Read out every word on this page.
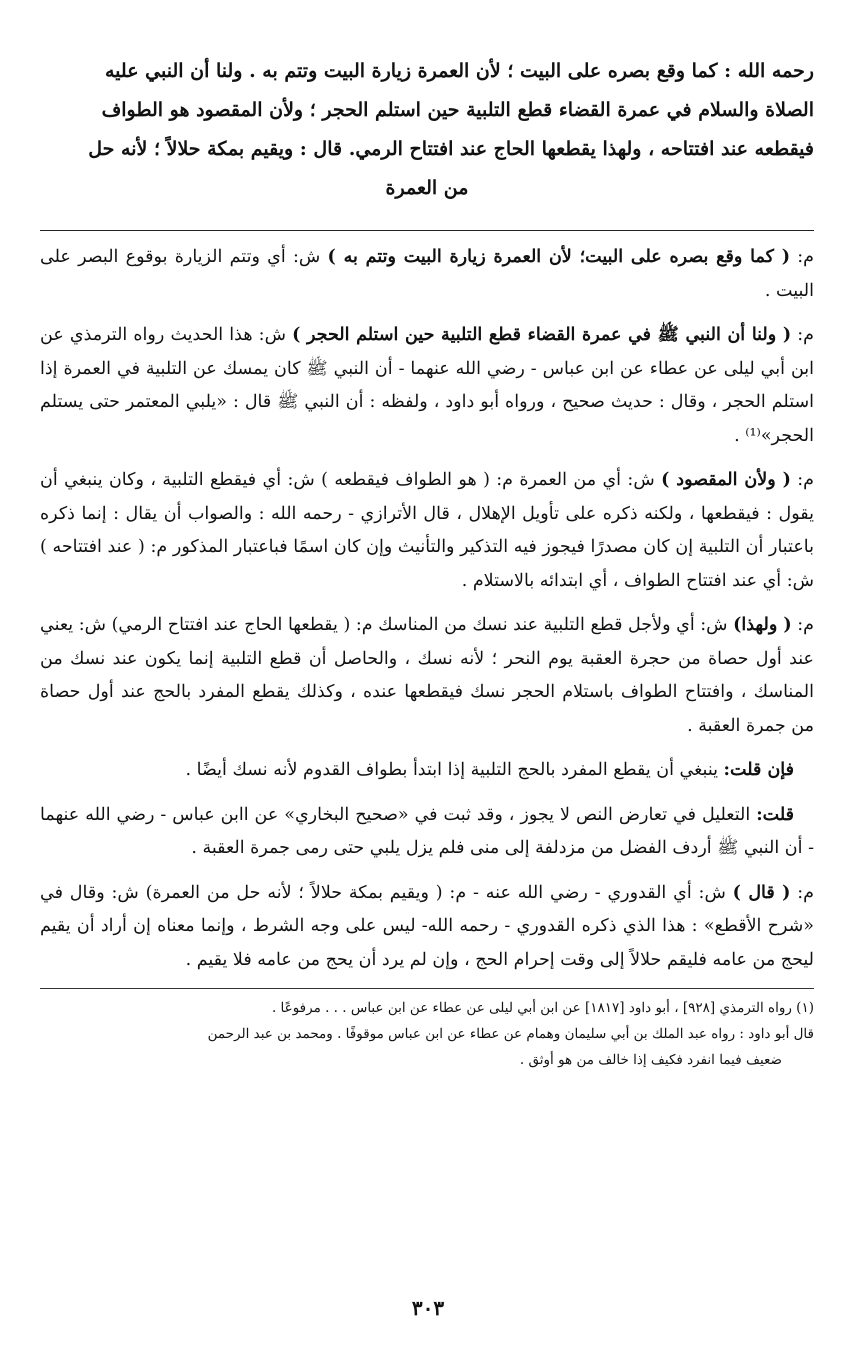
رحمه الله : كما وقع بصره على البيت ؛ لأن العمرة زيارة البيت وتتم به . ولنا أن النبي عليه

الصلاة والسلام في عمرة القضاء قطع التلبية حين استلم الحجر ؛ ولأن المقصود هو الطواف

فيقطعه عند افتتاحه ، ولهذا يقطعها الحاج عند افتتاح الرمي. قال : ويقيم بمكة حلالاً ؛ لأنه حل

من العمرة

م: ( كما وقع بصره على البيت؛ لأن العمرة زيارة البيت وتتم به ) ش: أي وتتم الزيارة بوقوع البصر على البيت .

م: ( ولنا أن النبي ﷺ في عمرة القضاء قطع التلبية حين استلم الحجر ) ش: هذا الحديث رواه الترمذي عن ابن أبي ليلى عن عطاء عن ابن عباس - رضي الله عنهما - أن النبي ﷺ كان يمسك عن التلبية في العمرة إذا استلم الحجر ، وقال : حديث صحيح ، ورواه أبو داود ، ولفظه : أن النبي ﷺ قال : «يلبي المعتمر حتى يستلم الحجر»⁽¹⁾ .

م: ( ولأن المقصود ) ش: أي من العمرة م: ( هو الطواف فيقطعه ) ش: أي فيقطع التلبية ، وكان ينبغي أن يقول : فيقطعها ، ولكنه ذكره على تأويل الإهلال ، قال الأترازي - رحمه الله : والصواب أن يقال : إنما ذكره باعتبار أن التلبية إن كان مصدرًا فيجوز فيه التذكير والتأنيث وإن كان اسمًا فباعتبار المذكور م: ( عند افتتاحه ) ش: أي عند افتتاح الطواف ، أي ابتدائه بالاستلام .

م: ( ولهذا) ش: أي ولأجل قطع التلبية عند نسك من المناسك م: ( يقطعها الحاج عند افتتاح الرمي) ش: يعني عند أول حصاة من حجرة العقبة يوم النحر ؛ لأنه نسك ، والحاصل أن قطع التلبية إنما يكون عند نسك من المناسك ، وافتتاح الطواف باستلام الحجر نسك فيقطعها عنده ، وكذلك يقطع المفرد بالحج عند أول حصاة من جمرة العقبة .

فإن قلت: ينبغي أن يقطع المفرد بالحج التلبية إذا ابتدأ بطواف القدوم لأنه نسك أيضًا .

قلت: التعليل في تعارض النص لا يجوز ، وقد ثبت في «صحيح البخاري» عن اابن عباس - رضي الله عنهما - أن النبي ﷺ أردف الفضل من مزدلفة إلى منى فلم يزل يلبي حتى رمى جمرة العقبة .

م: ( قال ) ش: أي القدوري - رضي الله عنه - م: ( ويقيم بمكة حلالاً ؛ لأنه حل من العمرة) ش: وقال في «شرح الأقطع» : هذا الذي ذكره القدوري - رحمه الله- ليس على وجه الشرط ، وإنما معناه إن أراد أن يقيم ليحج من عامه فليقم حلالاً إلى وقت إحرام الحج ، وإن لم يرد أن يحج من عامه فلا يقيم .

(١) رواه الترمذي [٩٢٨] ، أبو داود [١٨١٧] عن ابن أبي ليلى عن عطاء عن ابن عباس . . . مرفوعًا .

قال أبو داود : رواه عبد الملك بن أبي سليمان وهمام عن عطاء عن ابن عباس موقوفًا . ومحمد بن عبد الرحمن

ضعيف فيما انفرد فكيف إذا خالف من هو أوثق .

٣٠٣
